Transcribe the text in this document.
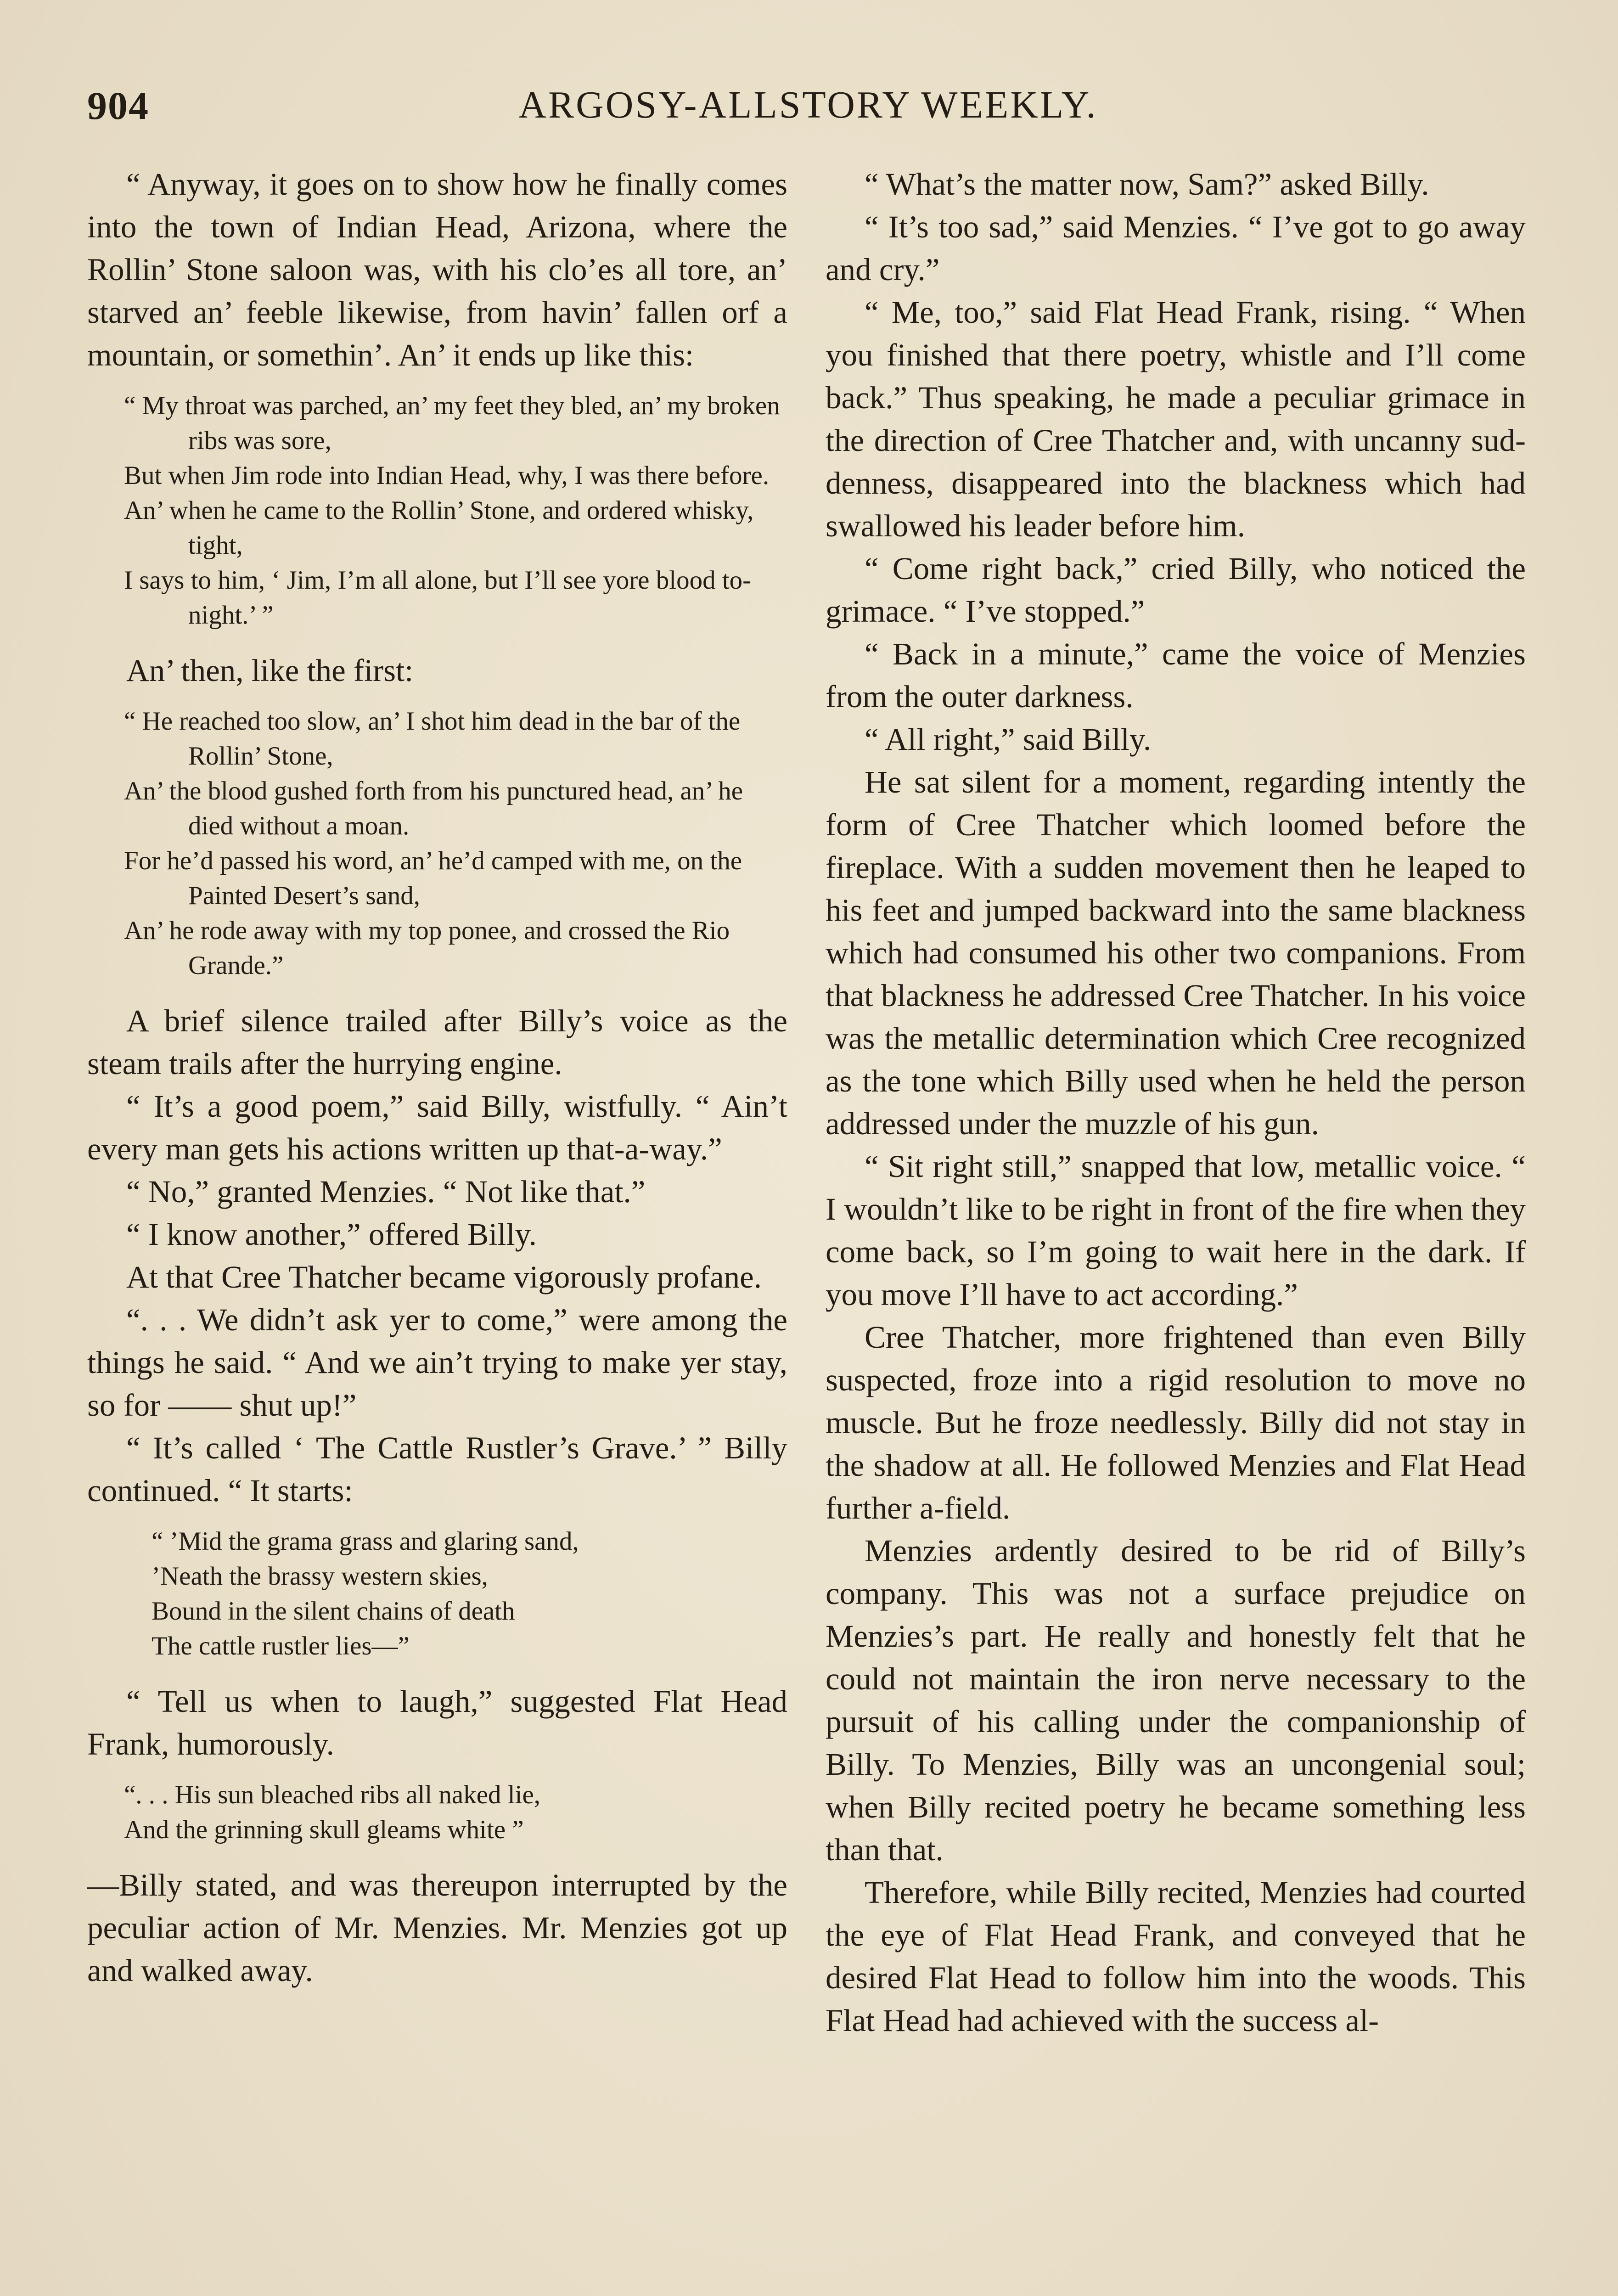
904	ARGOSY-ALLSTORY WEEKLY.

“ Anyway, it goes on to show how he finally comes into the town of Indian Head, Arizona, where the Rollin’ Stone saloon was, with his clo’es all tore, an’ starved an’ feeble likewise, from havin’ fallen orf a mountain, or somethin’. An’ it ends up like this:

“ My throat was parched, an’ my feet they bled, an’ my broken ribs was sore,
But when Jim rode into Indian Head, why, I was there before.
An’ when he came to the Rollin’ Stone, and ordered whisky, tight,
I says to him, ‘ Jim, I’m all alone, but I’ll see yore blood to-night.’ ”

An’ then, like the first:

“ He reached too slow, an’ I shot him dead in the bar of the Rollin’ Stone,
An’ the blood gushed forth from his punctured head, an’ he died without a moan.
For he’d passed his word, an’ he’d camped with me, on the Painted Desert’s sand,
An’ he rode away with my top ponee, and crossed the Rio Grande.”

A brief silence trailed after Billy’s voice as the steam trails after the hurrying engine.

“ It’s a good poem,” said Billy, wistfully. “ Ain’t every man gets his actions written up that-a-way.”

“ No,” granted Menzies. “ Not like that.”

“ I know another,” offered Billy.

At that Cree Thatcher became vigorously profane.

“. . . We didn’t ask yer to come,” were among the things he said. “ And we ain’t trying to make yer stay, so for —— shut up!”

“ It’s called ‘ The Cattle Rustler’s Grave.’ ” Billy continued. “ It starts:

“ ’Mid the grama grass and glaring sand,
’Neath the brassy western skies,
Bound in the silent chains of death
The cattle rustler lies—”

“ Tell us when to laugh,” suggested Flat Head Frank, humorously.

“. . . His sun bleached ribs all naked lie,
And the grinning skull gleams white ”

—Billy stated, and was thereupon interrupted by the peculiar action of Mr. Menzies. Mr. Menzies got up and walked away.

“ What’s the matter now, Sam?” asked Billy.

“ It’s too sad,” said Menzies. “ I’ve got to go away and cry.”

“ Me, too,” said Flat Head Frank, rising. “ When you finished that there poetry, whistle and I’ll come back.” Thus speaking, he made a peculiar grimace in the direction of Cree Thatcher and, with uncanny suddenness, disappeared into the blackness which had swallowed his leader before him.

“ Come right back,” cried Billy, who noticed the grimace. “ I’ve stopped.”

“ Back in a minute,” came the voice of Menzies from the outer darkness.

“ All right,” said Billy.

He sat silent for a moment, regarding intently the form of Cree Thatcher which loomed before the fireplace. With a sudden movement then he leaped to his feet and jumped backward into the same blackness which had consumed his other two companions. From that blackness he addressed Cree Thatcher. In his voice was the metallic determination which Cree recognized as the tone which Billy used when he held the person addressed under the muzzle of his gun.

“ Sit right still,” snapped that low, metallic voice. “ I wouldn’t like to be right in front of the fire when they come back, so I’m going to wait here in the dark. If you move I’ll have to act according.”

Cree Thatcher, more frightened than even Billy suspected, froze into a rigid resolution to move no muscle. But he froze needlessly. Billy did not stay in the shadow at all. He followed Menzies and Flat Head further a-field.

Menzies ardently desired to be rid of Billy’s company. This was not a surface prejudice on Menzies’s part. He really and honestly felt that he could not maintain the iron nerve necessary to the pursuit of his calling under the companionship of Billy. To Menzies, Billy was an uncongenial soul; when Billy recited poetry he became something less than that.

Therefore, while Billy recited, Menzies had courted the eye of Flat Head Frank, and conveyed that he desired Flat Head to follow him into the woods. This Flat Head had achieved with the success al-
